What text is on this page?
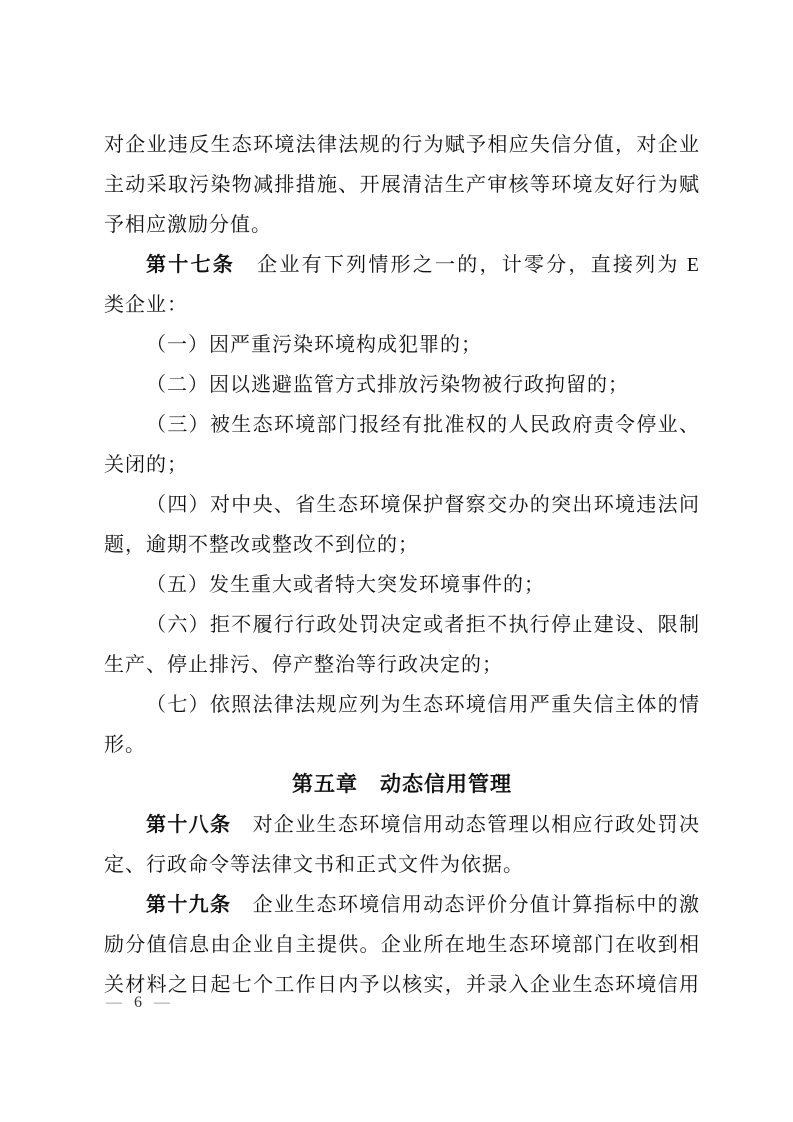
对企业违反生态环境法律法规的行为赋予相应失信分值，对企业
主动采取污染物减排措施、开展清洁生产审核等环境友好行为赋
予相应激励分值。
第十七条　企业有下列情形之一的，计零分，直接列为 E
类企业：
（一）因严重污染环境构成犯罪的；
（二）因以逃避监管方式排放污染物被行政拘留的；
（三）被生态环境部门报经有批准权的人民政府责令停业、
关闭的；
（四）对中央、省生态环境保护督察交办的突出环境违法问
题，逾期不整改或整改不到位的；
（五）发生重大或者特大突发环境事件的；
（六）拒不履行行政处罚决定或者拒不执行停止建设、限制
生产、停止排污、停产整治等行政决定的；
（七）依照法律法规应列为生态环境信用严重失信主体的情
形。
第五章　动态信用管理
第十八条　对企业生态环境信用动态管理以相应行政处罚决
定、行政命令等法律文书和正式文件为依据。
第十九条　企业生态环境信用动态评价分值计算指标中的激
励分值信息由企业自主提供。企业所在地生态环境部门在收到相
关材料之日起七个工作日内予以核实，并录入企业生态环境信用
— 6 —
